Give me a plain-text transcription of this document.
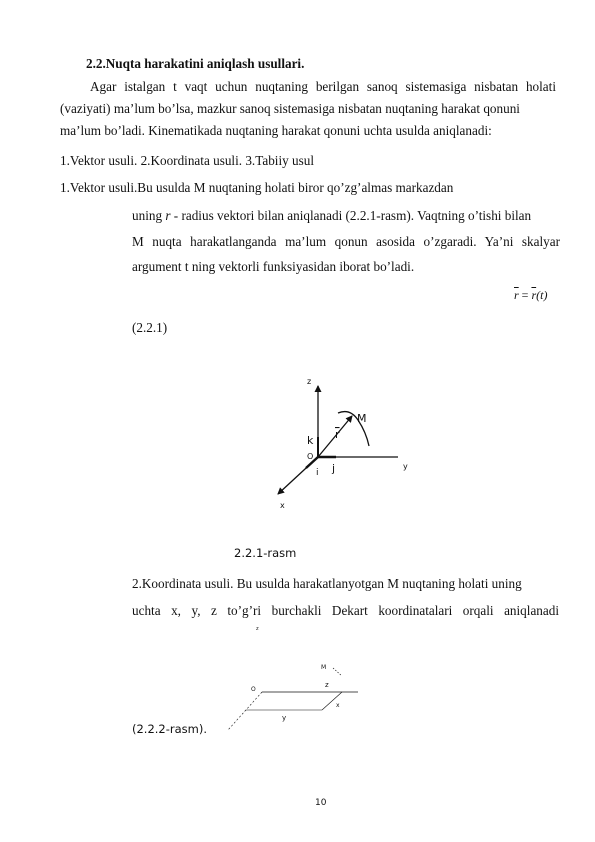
2.2.Nuqta harakatini aniqlash usullari.
Agar istalgan t vaqt uchun nuqtaning berilgan sanoq sistemasiga nisbatan holati
(vaziyati) ma’lum bo’lsa, mazkur sanoq sistemasiga nisbatan nuqtaning harakat qonuni
ma’lum bo’ladi. Kinematikada nuqtaning harakat qonuni uchta usulda aniqlanadi:
1.Vektor usuli. 2.Koordinata usuli. 3.Tabiiy usul
1.Vektor usuli.Bu usulda M nuqtaning holati biror qo’zg’almas markazdan
uning r - radius vektori bilan aniqlanadi (2.2.1-rasm). Vaqtning o’tishi bilan
M nuqta harakatlanganda ma’lum qonun asosida o’zgaradi. Ya’ni skalyar
argument t ning vektorli funksiyasidan iborat bo’ladi.
$\overline{r} = \overline{r}(t)$
(2.2.1)
z
y
x
O
M
r
k
i j
2.2.1-rasm
2.Koordinata usuli. Bu usulda harakatlanyotgan M nuqtaning holati uning
uchta x, y, z to’g’ri burchakli Dekart koordinatalari orqali aniqlanadi
z
M
O
z
x
y
(2.2.2-rasm).
10
